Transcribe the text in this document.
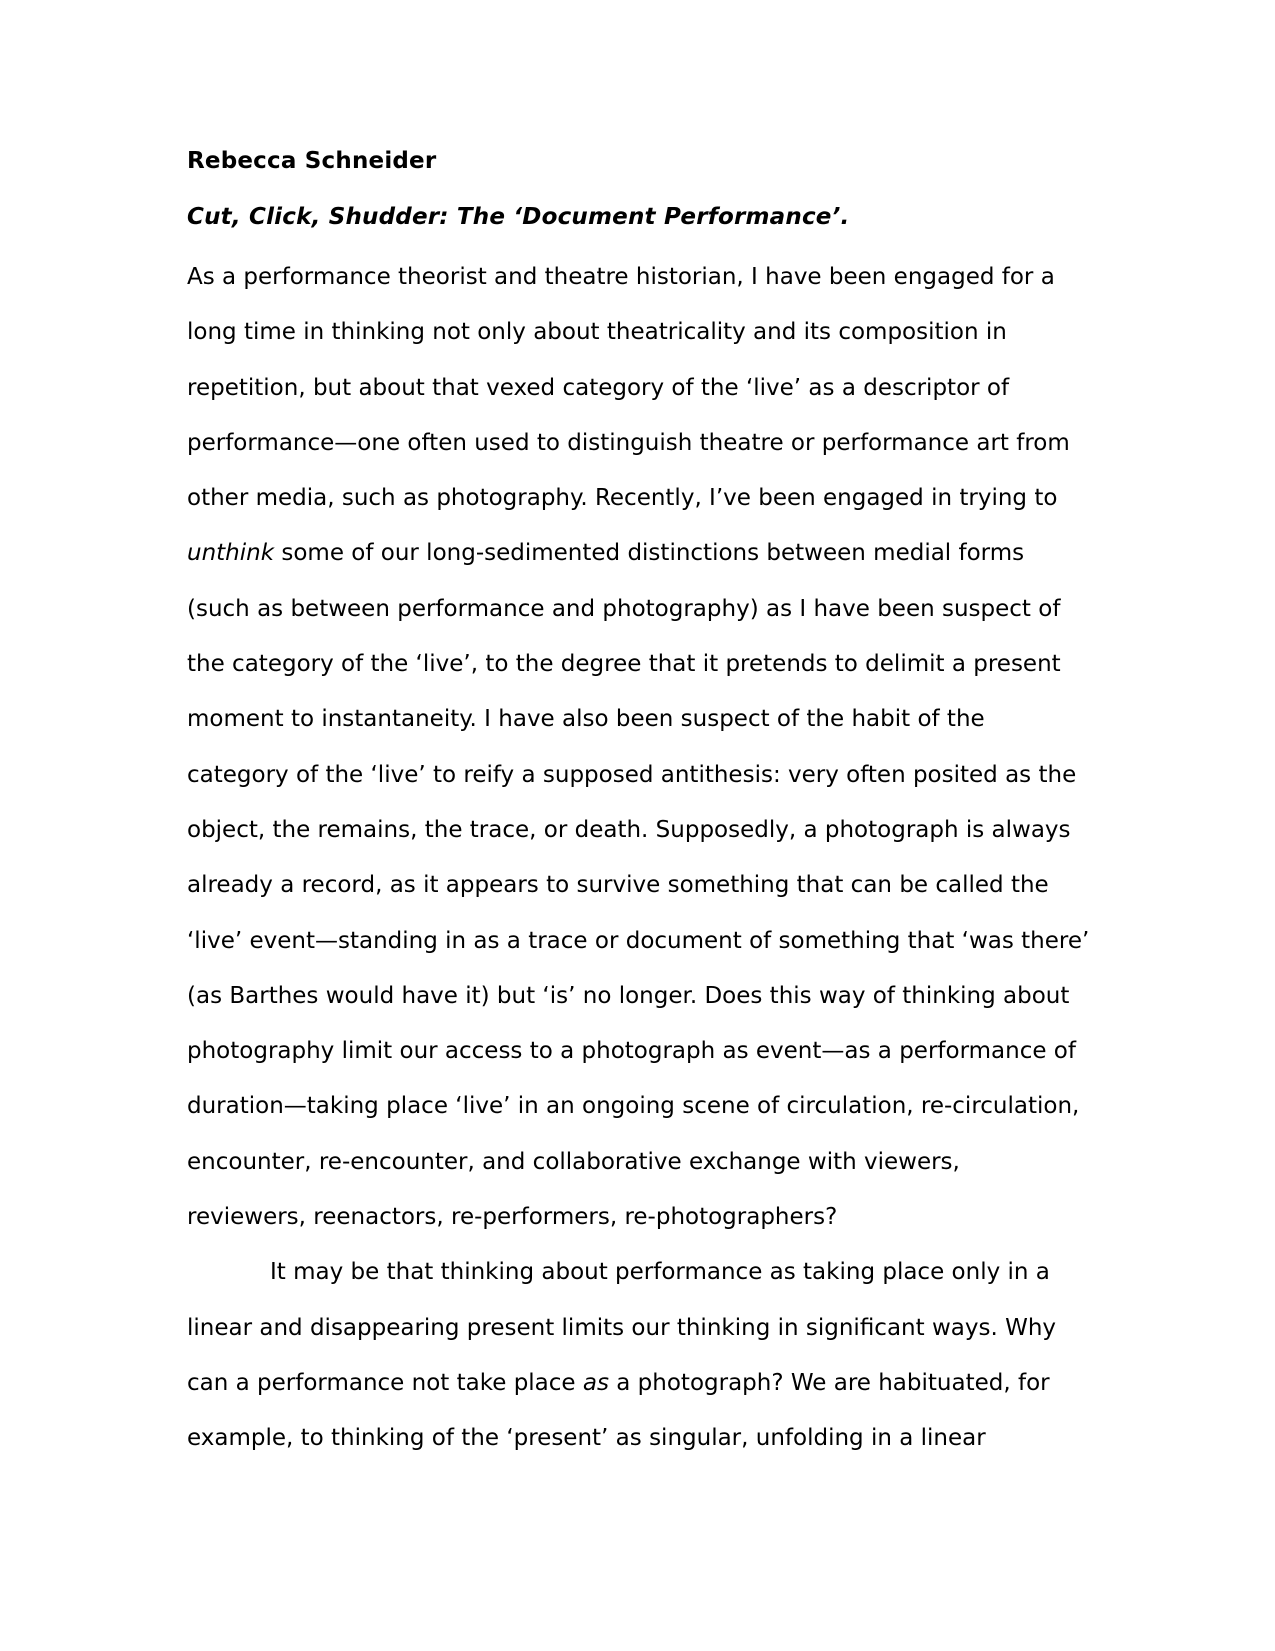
Rebecca Schneider
Cut, Click, Shudder: The ‘Document Performance’.
As a performance theorist and theatre historian, I have been engaged for a
long time in thinking not only about theatricality and its composition in
repetition, but about that vexed category of the ‘live’ as a descriptor of
performance—one often used to distinguish theatre or performance art from
other media, such as photography. Recently, I’ve been engaged in trying to
unthink some of our long-sedimented distinctions between medial forms
(such as between performance and photography) as I have been suspect of
the category of the ‘live’, to the degree that it pretends to delimit a present
moment to instantaneity. I have also been suspect of the habit of the
category of the ‘live’ to reify a supposed antithesis: very often posited as the
object, the remains, the trace, or death. Supposedly, a photograph is always
already a record, as it appears to survive something that can be called the
‘live’ event—standing in as a trace or document of something that ‘was there’
(as Barthes would have it) but ‘is’ no longer. Does this way of thinking about
photography limit our access to a photograph as event—as a performance of
duration—taking place ‘live’ in an ongoing scene of circulation, re-circulation,
encounter, re-encounter, and collaborative exchange with viewers,
reviewers, reenactors, re-performers, re-photographers?
It may be that thinking about performance as taking place only in a
linear and disappearing present limits our thinking in significant ways. Why
can a performance not take place as a photograph? We are habituated, for
example, to thinking of the ‘present’ as singular, unfolding in a linear
